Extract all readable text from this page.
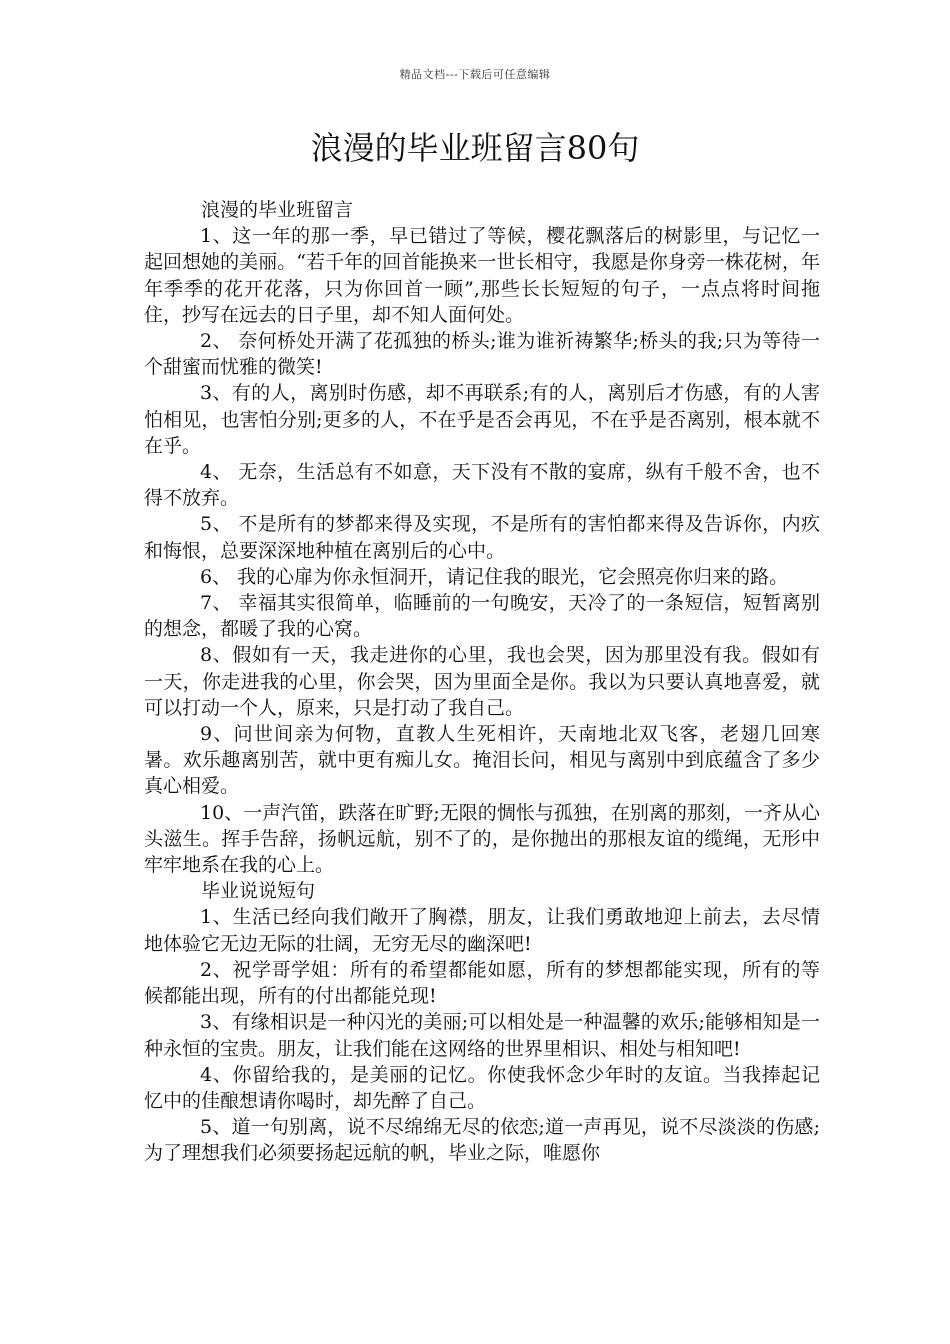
精品文档---下载后可任意编辑
浪漫的毕业班留言80句

浪漫的毕业班留言

1、这一年的那一季，早已错过了等候，樱花飘落后的树影里，与记忆一起回想她的美丽。“若千年的回首能换来一世长相守，我愿是你身旁一株花树，年年季季的花开花落，只为你回首一顾”,那些长长短短的句子，一点点将时间拖住，抄写在远去的日子里，却不知人面何处。

2、 奈何桥处开满了花孤独的桥头;谁为谁祈祷繁华;桥头的我;只为等待一个甜蜜而忧雅的微笑!

3、有的人，离别时伤感，却不再联系;有的人，离别后才伤感，有的人害怕相见，也害怕分别;更多的人，不在乎是否会再见，不在乎是否离别，根本就不在乎。

4、 无奈，生活总有不如意，天下没有不散的宴席，纵有千般不舍，也不得不放弃。

5、 不是所有的梦都来得及实现，不是所有的害怕都来得及告诉你，内疚和悔恨，总要深深地种植在离别后的心中。

6、 我的心扉为你永恒洞开，请记住我的眼光，它会照亮你归来的路。

7、 幸福其实很简单，临睡前的一句晚安，天冷了的一条短信，短暂离别的想念，都暖了我的心窝。

8、假如有一天，我走进你的心里，我也会哭，因为那里没有我。假如有一天，你走进我的心里，你会哭，因为里面全是你。我以为只要认真地喜爱，就可以打动一个人，原来，只是打动了我自己。

9、问世间亲为何物，直教人生死相许，天南地北双飞客，老翅几回寒暑。欢乐趣离别苦，就中更有痴儿女。掩泪长问，相见与离别中到底蕴含了多少真心相爱。

10、一声汽笛，跌落在旷野;无限的惆怅与孤独，在别离的那刻，一齐从心头滋生。挥手告辞，扬帆远航，别不了的，是你抛出的那根友谊的缆绳，无形中牢牢地系在我的心上。

毕业说说短句

1、生活已经向我们敞开了胸襟，朋友，让我们勇敢地迎上前去，去尽情地体验它无边无际的壮阔，无穷无尽的幽深吧!

2、祝学哥学姐：所有的希望都能如愿，所有的梦想都能实现，所有的等候都能出现，所有的付出都能兑现!

3、有缘相识是一种闪光的美丽;可以相处是一种温馨的欢乐;能够相知是一种永恒的宝贵。朋友，让我们能在这网络的世界里相识、相处与相知吧!

4、你留给我的，是美丽的记忆。你使我怀念少年时的友谊。当我捧起记忆中的佳酿想请你喝时，却先醉了自己。

5、道一句别离，说不尽绵绵无尽的依恋;道一声再见，说不尽淡淡的伤感;为了理想我们必须要扬起远航的帆，毕业之际，唯愿你
